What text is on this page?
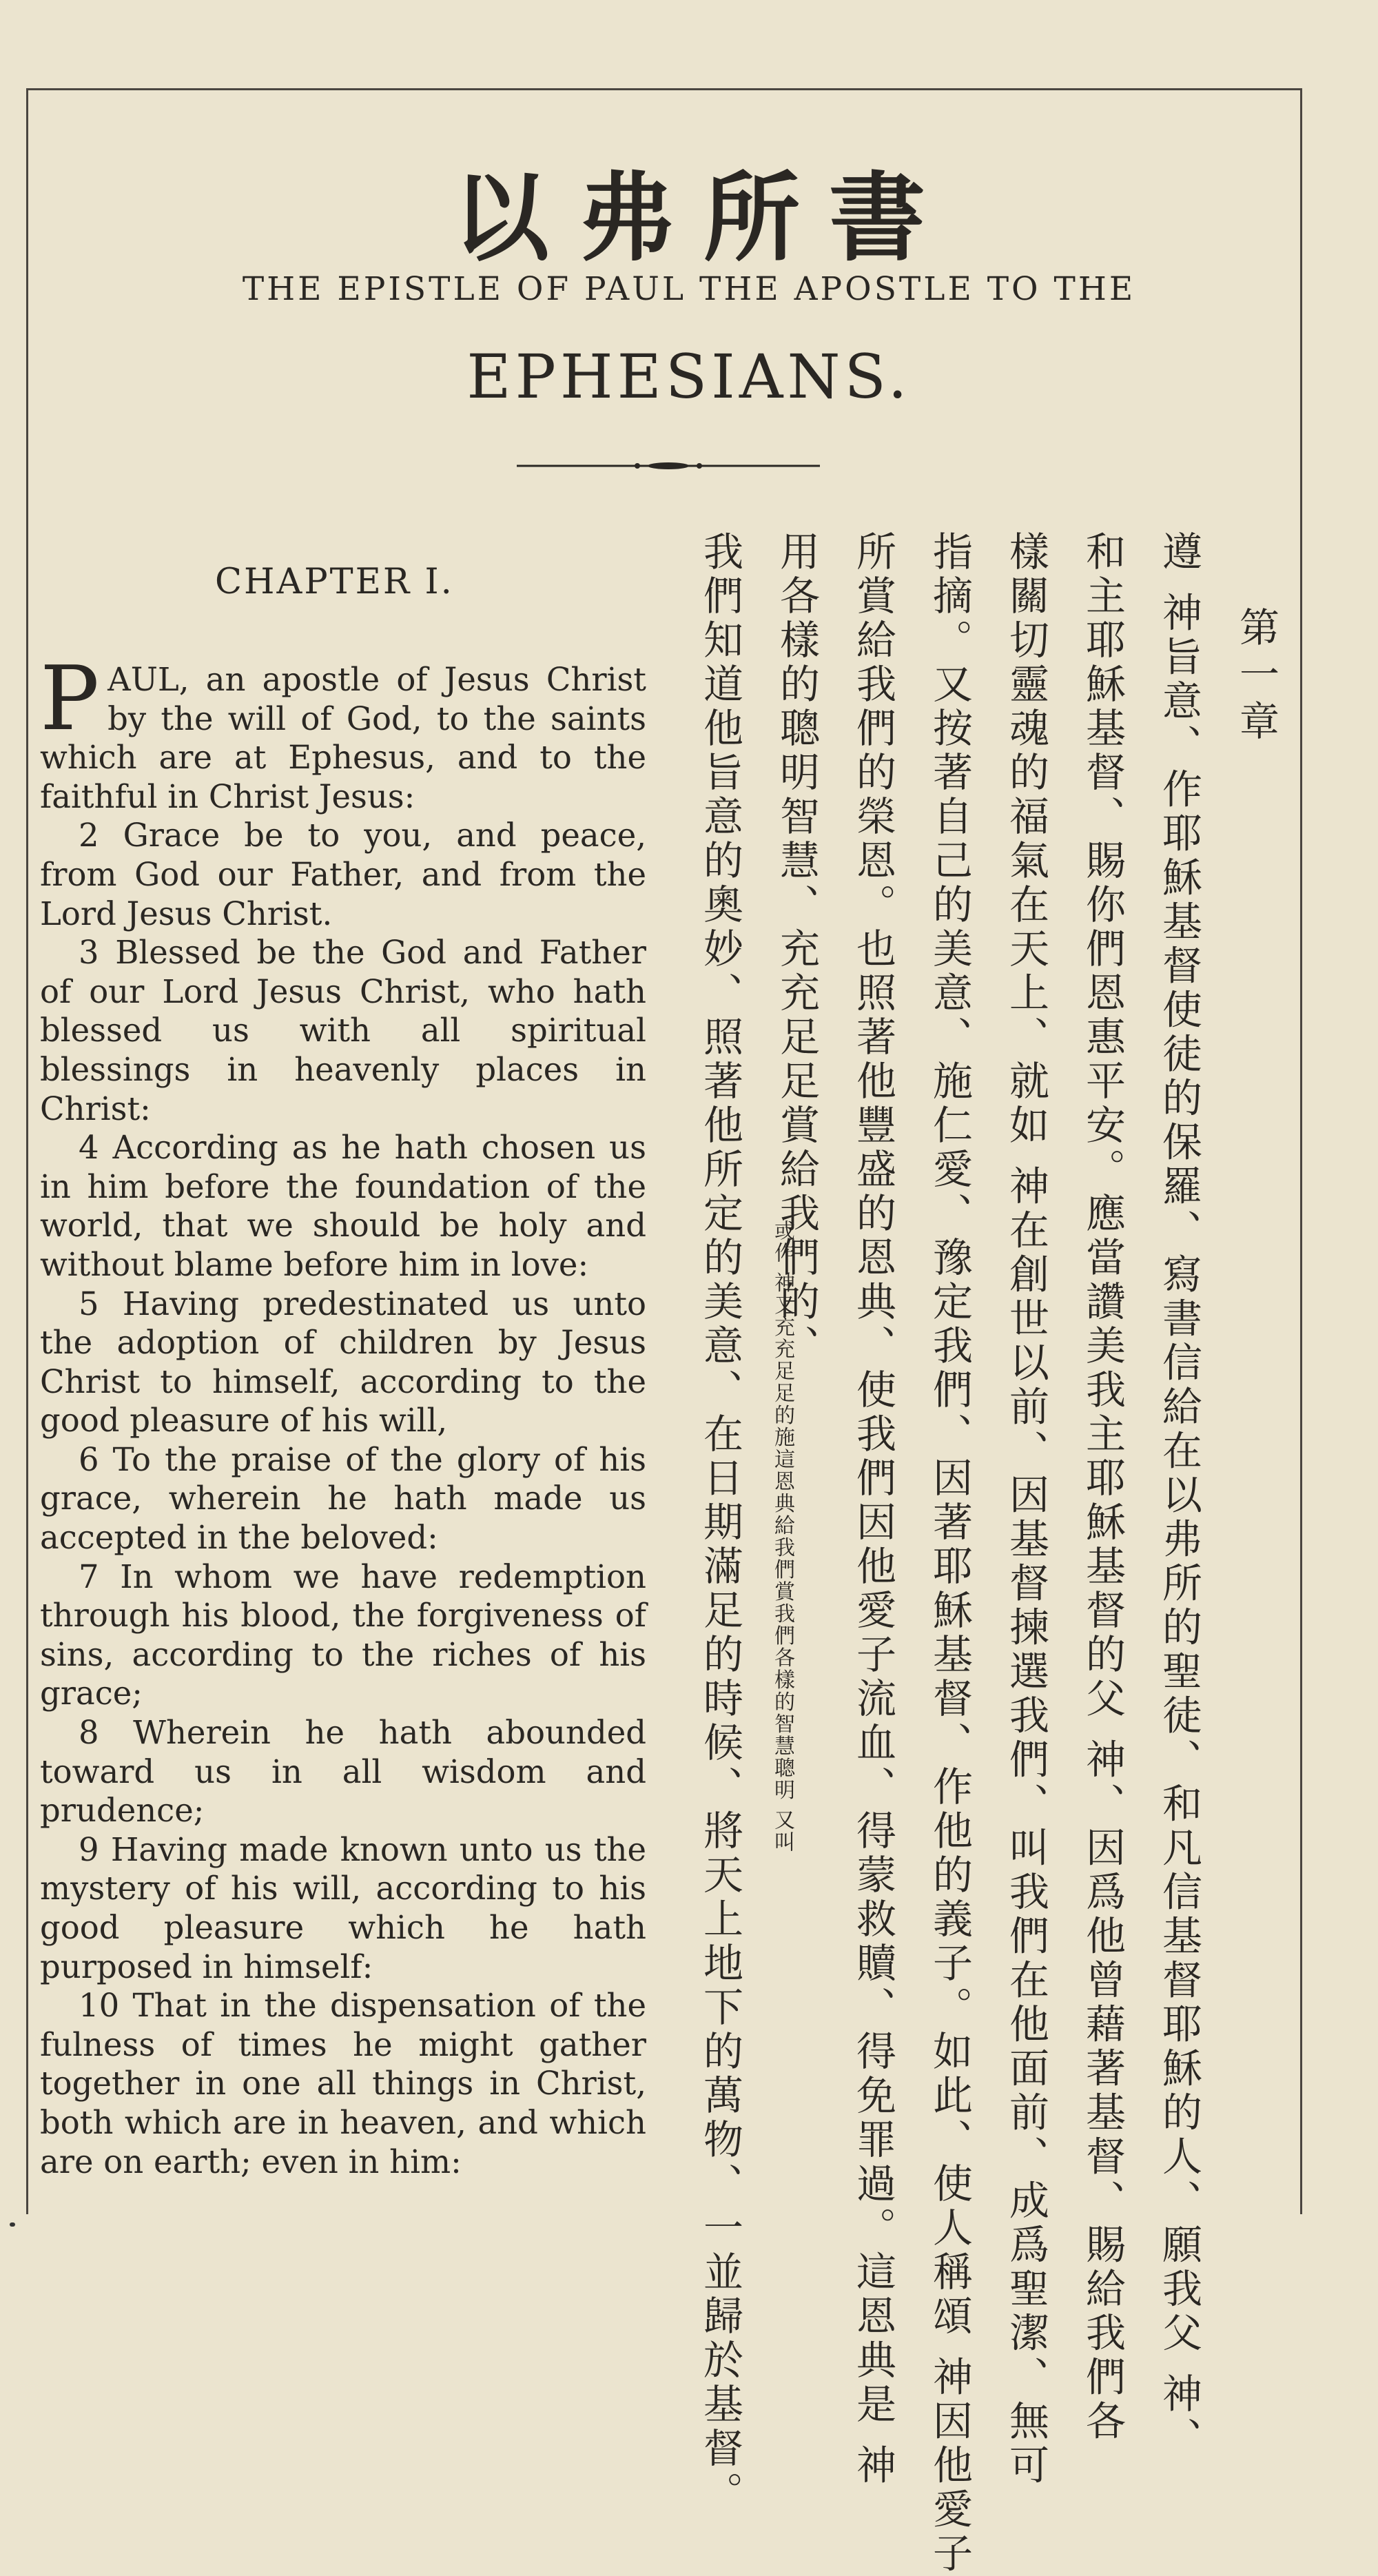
以弗所書
THE EPISTLE OF PAUL THE APOSTLE TO THE
EPHESIANS.
CHAPTER I.

P AUL, an apostle of Jesus Christ by the will of God, to the saints which are at Ephesus, and to the faithful in Christ Jesus:

2 Grace be to you, and peace, from God our Father, and from the Lord Jesus Christ.

3 Blessed be the God and Father of our Lord Jesus Christ, who hath blessed us with all spiritual blessings in heavenly places in Christ:

4 According as he hath chosen us in him before the foundation of the world, that we should be holy and without blame before him in love:

5 Having predestinated us unto the adoption of children by Jesus Christ to himself, according to the good pleasure of his will,

6 To the praise of the glory of his grace, wherein he hath made us accepted in the beloved:

7 In whom we have redemption through his blood, the forgiveness of sins, according to the riches of his grace;

8 Wherein he hath abounded toward us in all wisdom and prudence;

9 Having made known unto us the mystery of his will, according to his good pleasure which he hath purposed in himself:

10 That in the dispensation of the fulness of times he might gather together in one all things in Christ, both which are in heaven, and which are on earth; even in him:

第一章
遵 神旨意、作耶穌基督使徒的保羅、寫書信給在以弗所的聖徒、和凡信基督耶穌的人、願我父 神、
和主耶穌基督、賜你們恩惠平安。應當讚美我主耶穌基督的父 神、因爲他曾藉著基督、賜給我們各
樣關切靈魂的福氣在天上、就如 神在創世以前、因基督揀選我們、叫我們在他面前、成爲聖潔、無可
指摘。又按著自己的美意、施仁愛、豫定我們、因著耶穌基督、作他的義子。如此、使人稱頌 神因他愛子
所賞給我們的榮恩。也照著他豐盛的恩典、使我們因他愛子流血、得蒙救贖、得免罪過。這恩典是 神
用各樣的聰明智慧、充充足足賞給我們的、
或作 神又充充足足的施這恩典給我們賞我們各樣的智慧聰明 又叫
我們知道他旨意的奧妙、照著他所定的美意、在日期滿足的時候、將天上地下的萬物、一並歸於基督。
